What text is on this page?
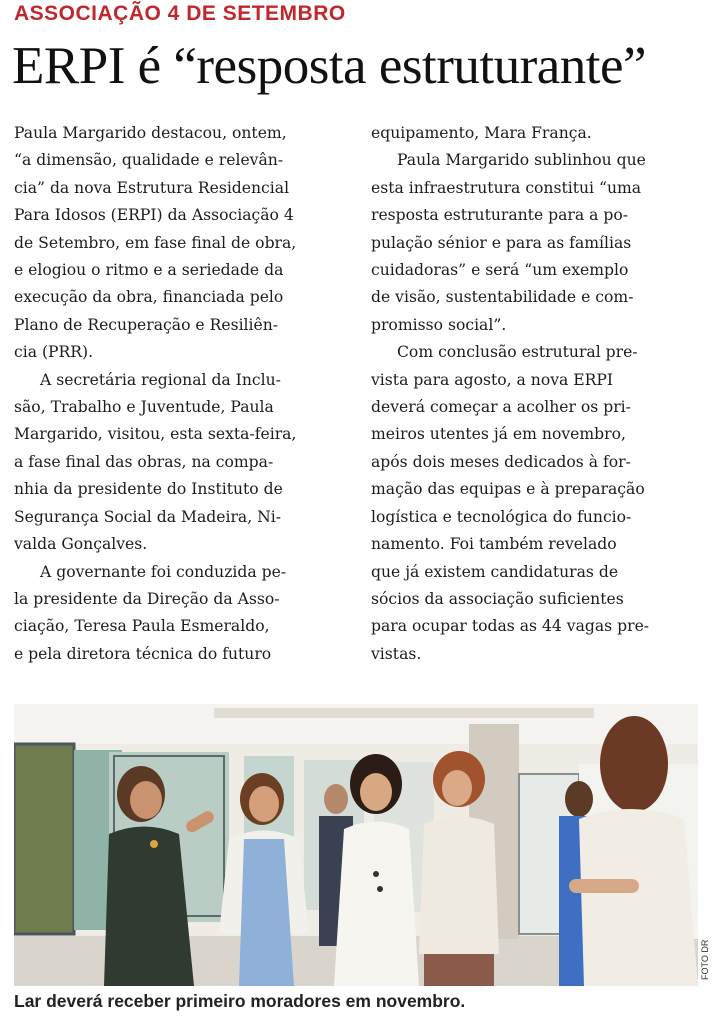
ASSOCIAÇÃO 4 DE SETEMBRO
ERPI é “resposta estruturante”

Paula Margarido destacou, ontem,
“a dimensão, qualidade e relevân-
cia” da nova Estrutura Residencial
Para Idosos (ERPI) da Associação 4
de Setembro, em fase final de obra,
e elogiou o ritmo e a seriedade da
execução da obra, financiada pelo
Plano de Recuperação e Resiliên-
cia (PRR).

A secretária regional da Inclu-
são, Trabalho e Juventude, Paula
Margarido, visitou, esta sexta-feira,
a fase final das obras, na compa-
nhia da presidente do Instituto de
Segurança Social da Madeira, Ni-
valda Gonçalves.

A governante foi conduzida pe-
la presidente da Direção da Asso-
ciação, Teresa Paula Esmeraldo,
e pela diretora técnica do futuro

equipamento, Mara França.

Paula Margarido sublinhou que
esta infraestrutura constitui “uma
resposta estruturante para a po-
pulação sénior e para as famílias
cuidadoras” e será “um exemplo
de visão, sustentabilidade e com-
promisso social”.

Com conclusão estrutural pre-
vista para agosto, a nova ERPI
deverá começar a acolher os pri-
meiros utentes já em novembro,
após dois meses dedicados à for-
mação das equipas e à preparação
logística e tecnológica do funcio-
namento. Foi também revelado
que já existem candidaturas de
sócios da associação suficientes
para ocupar todas as 44 vagas pre-
vistas.

FOTO DR
Lar deverá receber primeiro moradores em novembro.
